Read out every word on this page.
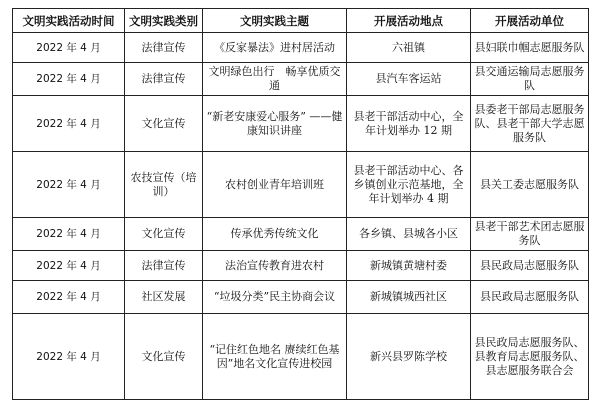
文明实践活动时间	文明实践类别	文明实践主题	开展活动地点	开展活动单位
2022 年 4 月	法律宣传	《反家暴法》进村居活动	六祖镇	县妇联巾帼志愿服务队
2022 年 4 月	法律宣传	文明绿色出行　畅享优质交通	县汽车客运站	县交通运输局志愿服务队
2022 年 4 月	文化宣传	“新老安康爱心服务” ——健康知识讲座	县老干部活动中心，全年计划举办 12 期	县委老干部局志愿服务队、县老干部大学志愿服务队
2022 年 4 月	农技宣传（培训）	农村创业青年培训班	县老干部活动中心、各乡镇创业示范基地，全年计划举办 4 期	县关工委志愿服务队
2022 年 4 月	文化宣传	传承优秀传统文化	各乡镇、县城各小区	县老干部艺术团志愿服务队
2022 年 4 月	法律宣传	法治宣传教育进农村	新城镇黄塘村委	县民政局志愿服务队
2022 年 4 月	社区发展	“垃圾分类”民主协商会议	新城镇城西社区	县民政局志愿服务队
2022 年 4 月	文化宣传	“记住红色地名 赓续红色基因”地名文化宣传进校园	新兴县罗陈学校	县民政局志愿服务队、县教育局志愿服务队、县志愿服务联合会
